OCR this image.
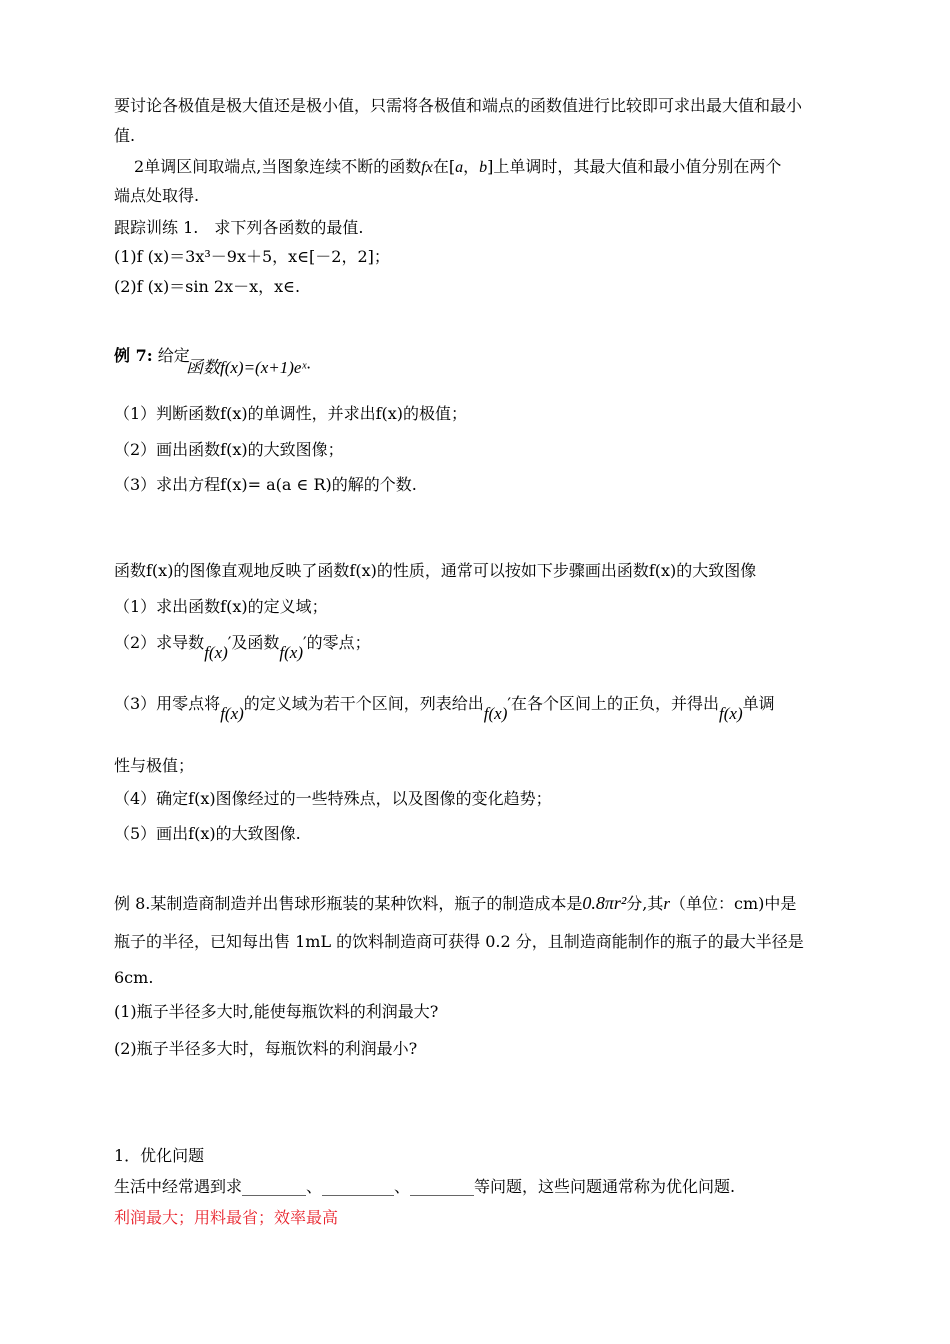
要讨论各极值是极大值还是极小值，只需将各极值和端点的函数值进行比较即可求出最大值和最小
值.
2单调区间取端点,当图象连续不断的函数fx在[a，b]上单调时，其最大值和最小值分别在两个
端点处取得.
跟踪训练 1.　求下列各函数的最值.
(1)f (x)＝3x³－9x＋5，x∈[－2，2]；
(2)f (x)＝sin 2x－x，x∈.
例 7: 给定
函数f(x)=(x+1)eˣ·
（1）判断函数f(x)的单调性，并求出f(x)的极值；
（2）画出函数f(x)的大致图像；
（3）求出方程f(x)= a(a ∈ R)的解的个数.
函数f(x)的图像直观地反映了函数f(x)的性质，通常可以按如下步骤画出函数f(x)的大致图像
（1）求出函数f(x)的定义域；
（2）求导数f(x)′及函数f(x)′的零点；
（3）用零点将f(x)的定义域为若干个区间，列表给出f(x)′在各个区间上的正负，并得出f(x)单调
性与极值；
（4）确定f(x)图像经过的一些特殊点，以及图像的变化趋势；
（5）画出f(x)的大致图像.
例 8.某制造商制造并出售球形瓶装的某种饮料，瓶子的制造成本是0.8πr²分,其r（单位：cm)中是
瓶子的半径，已知每出售 1mL 的饮料制造商可获得 0.2 分，且制造商能制作的瓶子的最大半径是
6cm.
(1)瓶子半径多大时,能使每瓶饮料的利润最大?
(2)瓶子半径多大时，每瓶饮料的利润最小?
1．优化问题
生活中经常遇到求________、_________、________等问题，这些问题通常称为优化问题.
利润最大；用料最省；效率最高
